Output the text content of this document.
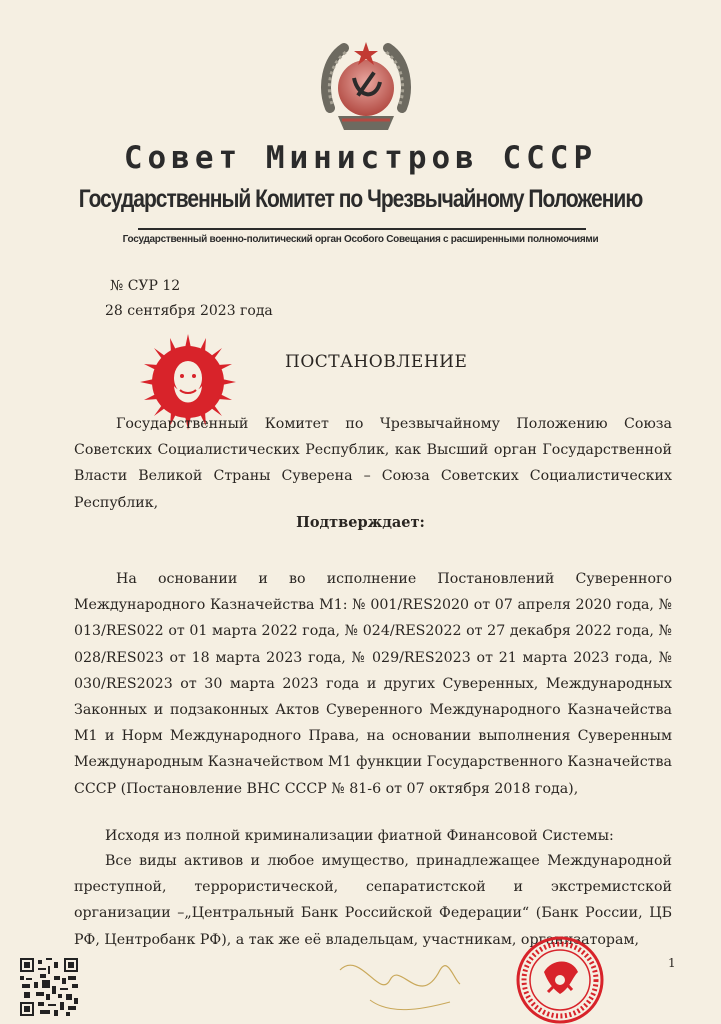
Совет Министров СССР
Государственный Комитет по Чрезвычайному Положению
Государственный военно-политический орган Особого Совещания с расширенными полномочиями
№ СУР 12
28 сентября 2023 года
ПОСТАНОВЛЕНИЕ
Государственный Комитет по Чрезвычайному Положению Союза Советских Социалистических Республик, как Высший орган Государственной Власти Великой Страны Суверена – Союза Советских Социалистических Республик,
Подтверждает:
На основании и во исполнение Постановлений Суверенного Международного Казначейства М1: № 001/RES2020 от 07 апреля 2020 года, № 013/RES022 от 01 марта 2022 года, № 024/RES2022 от 27 декабря 2022 года, № 028/RES023 от 18 марта 2023 года, № 029/RES2023 от 21 марта 2023 года, № 030/RES2023 от 30 марта 2023 года и других Суверенных, Международных Законных и подзаконных Актов Суверенного Международного Казначейства М1 и Норм Международного Права, на основании выполнения Суверенным Международным Казначейством М1 функции Государственного Казначейства СССР (Постановление ВНС СССР № 81-6 от 07 октября 2018 года),
Исходя из полной криминализации фиатной Финансовой Системы:
Все виды активов и любое имущество, принадлежащее Международной преступной, террористической, сепаратистской и экстремистской организации –„Центральный Банк Российской Федерации“ (Банк России, ЦБ РФ, Центробанк РФ), а так же её владельцам, участникам, организаторам,
1
